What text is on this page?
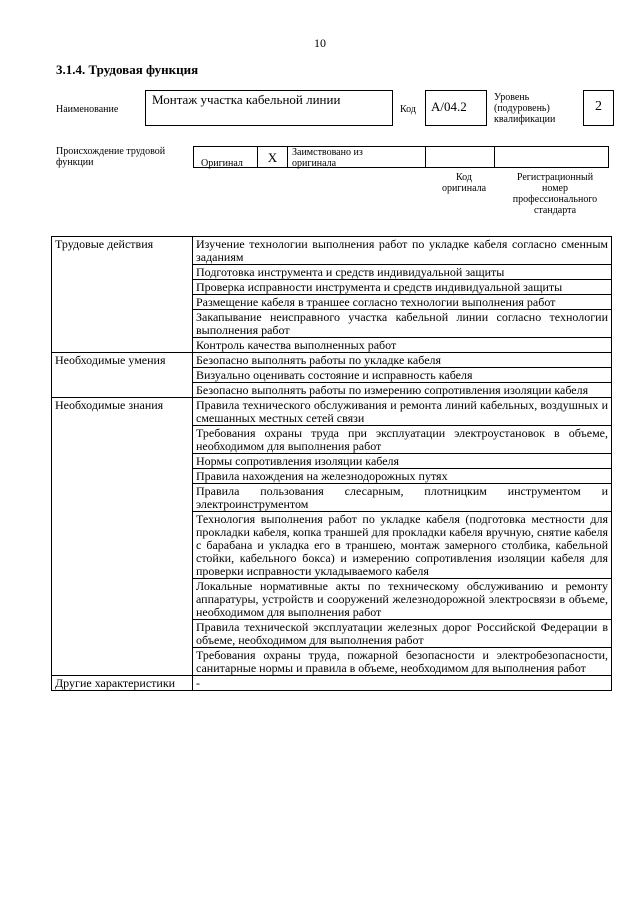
10
3.1.4. Трудовая функция
Наименование
Монтаж участка кабельной линии
Код	А/04.2
Уровень
(подуровень)
квалификации
2
Происхождение трудовой
функции	$_{Оригинал}$	X	Заимствовано из
оригинала
Код
оригинала
Регистрационный
номер
профессионального
стандарта
Трудовые действия	Изучение технологии выполнения работ по укладке кабеля согласно сменным заданиям
	Подготовка инструмента и средств индивидуальной защиты
	Проверка исправности инструмента и средств индивидуальной защиты
	Размещение кабеля в траншее согласно технологии выполнения работ
	Закапывание неисправного участка кабельной линии согласно технологии выполнения работ
	Контроль качества выполненных работ
Необходимые умения	Безопасно выполнять работы по укладке кабеля
	Визуально оценивать состояние и исправность кабеля
	Безопасно выполнять работы по измерению сопротивления изоляции кабеля
Необходимые знания	Правила технического обслуживания и ремонта линий кабельных, воздушных и смешанных местных сетей связи
	Требования охраны труда при эксплуатации электроустановок в объеме, необходимом для выполнения работ
	Нормы сопротивления изоляции кабеля
	Правила нахождения на железнодорожных путях
	Правила пользования слесарным, плотницким инструментом и электроинструментом
	Технология выполнения работ по укладке кабеля (подготовка местности для прокладки кабеля, копка траншей для прокладки кабеля вручную, снятие кабеля с барабана и укладка его в траншею, монтаж замерного столбика, кабельной стойки, кабельного бокса) и измерению сопротивления изоляции кабеля для проверки исправности укладываемого кабеля
	Локальные нормативные акты по техническому обслуживанию и ремонту аппаратуры, устройств и сооружений железнодорожной электросвязи в объеме, необходимом для выполнения работ
	Правила технической эксплуатации железных дорог Российской Федерации в объеме, необходимом для выполнения работ
	Требования охраны труда, пожарной безопасности и электробезопасности, санитарные нормы и правила в объеме, необходимом для выполнения работ
Другие характеристики	-
